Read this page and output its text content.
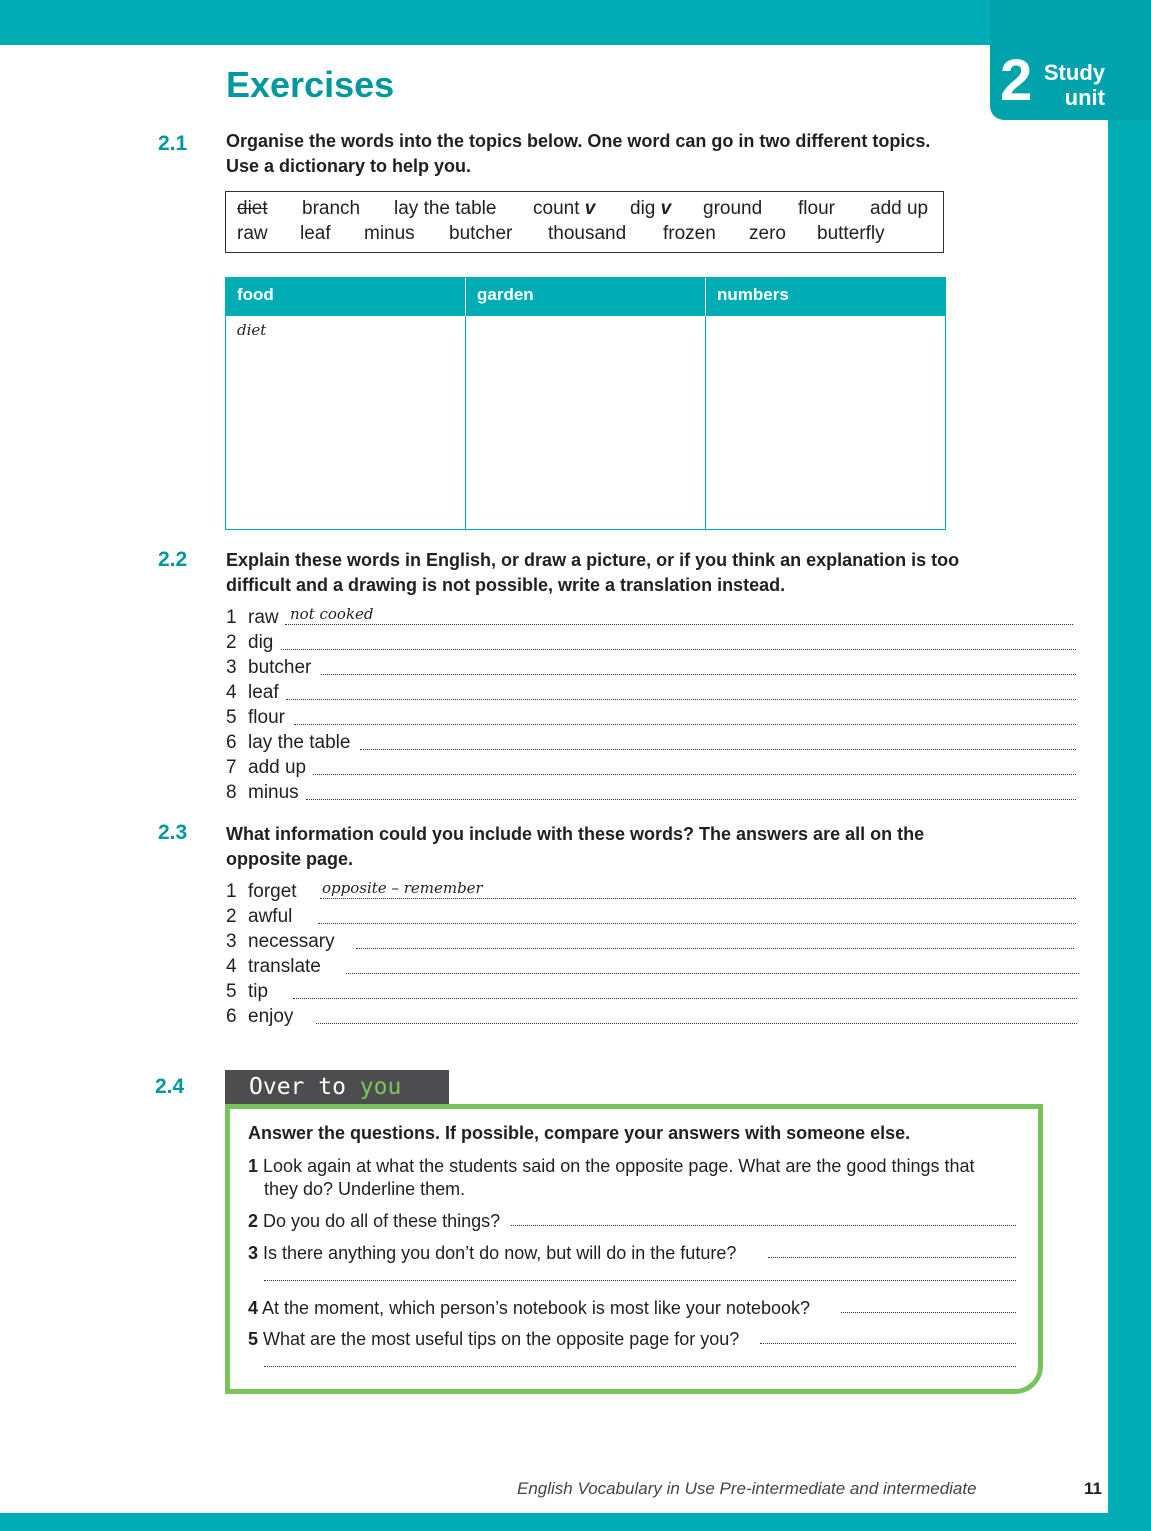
2 Study
unit
Exercises
2.1 Organise the words into the topics below. One word can go in two different topics.
Use a dictionary to help you.
diet branch lay the table count v dig v ground flour add up
raw leaf minus butcher thousand frozen zero butterfly
food	garden	numbers
diet
2.2 Explain these words in English, or draw a picture, or if you think an explanation is too
difficult and a drawing is not possible, write a translation instead.
1 raw not cooked
2 dig
3 butcher
4 leaf
5 flour
6 lay the table
7 add up
8 minus
2.3 What information could you include with these words? The answers are all on the
opposite page.
1 forget opposite – remember
2 awful
3 necessary
4 translate
5 tip
6 enjoy
2.4	Over to you
Answer the questions. If possible, compare your answers with someone else.
1 Look again at what the students said on the opposite page. What are the good things that
they do? Underline them.
2 Do you do all of these things?
3 Is there anything you don’t do now, but will do in the future?
4 At the moment, which person’s notebook is most like your notebook?
5 What are the most useful tips on the opposite page for you?
English Vocabulary in Use Pre-intermediate and intermediate	11
